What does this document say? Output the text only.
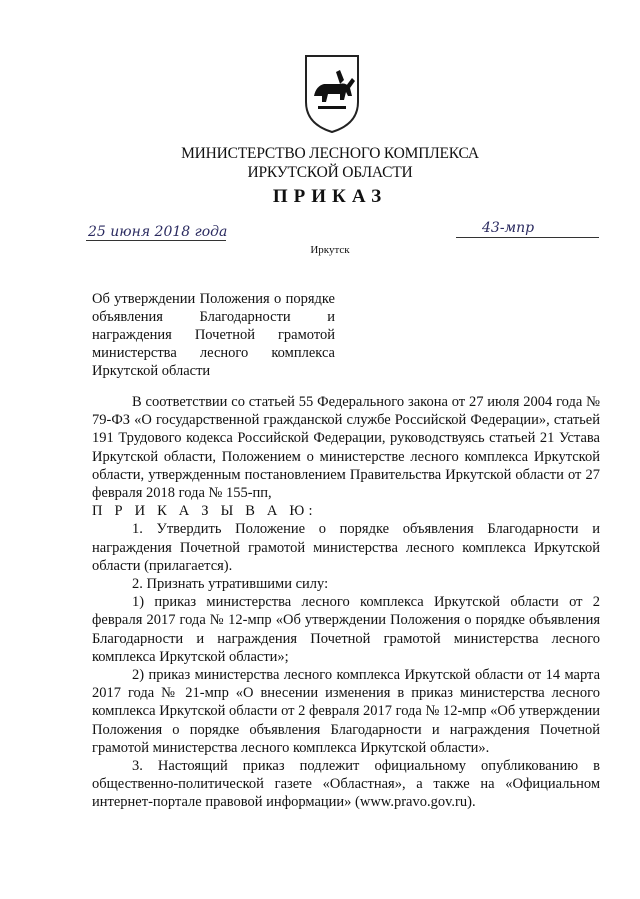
МИНИСТЕРСТВО ЛЕСНОГО КОМПЛЕКСА
ИРКУТСКОЙ ОБЛАСТИ
ПРИКАЗ
25 июня 2018 года	43-мпр
Иркутск
Об утверждении Положения о порядке объявления Благодарности и награждения Почетной грамотой министерства лесного комплекса Иркутской области

В соответствии со статьей 55 Федерального закона от 27 июля 2004 года № 79-ФЗ «О государственной гражданской службе Российской Федерации», статьей 191 Трудового кодекса Российской Федерации, руководствуясь статьей 21 Устава Иркутской области, Положением о министерстве лесного комплекса Иркутской области, утвержденным постановлением Правительства Иркутской области от 27 февраля 2018 года № 155-пп,

П Р И К А З Ы В А Ю:

1. Утвердить Положение о порядке объявления Благодарности и награждения Почетной грамотой министерства лесного комплекса Иркутской области (прилагается).

2. Признать утратившими силу:

1) приказ министерства лесного комплекса Иркутской области от 2 февраля 2017 года № 12-мпр «Об утверждении Положения о порядке объявления Благодарности и награждения Почетной грамотой министерства лесного комплекса Иркутской области»;

2) приказ министерства лесного комплекса Иркутской области от 14 марта 2017 года № 21-мпр «О внесении изменения в приказ министерства лесного комплекса Иркутской области от 2 февраля 2017 года № 12-мпр «Об утверждении Положения о порядке объявления Благодарности и награждения Почетной грамотой министерства лесного комплекса Иркутской области».

3. Настоящий приказ подлежит официальному опубликованию в общественно-политической газете «Областная», а также на «Официальном интернет-портале правовой информации» (www.pravo.gov.ru).
